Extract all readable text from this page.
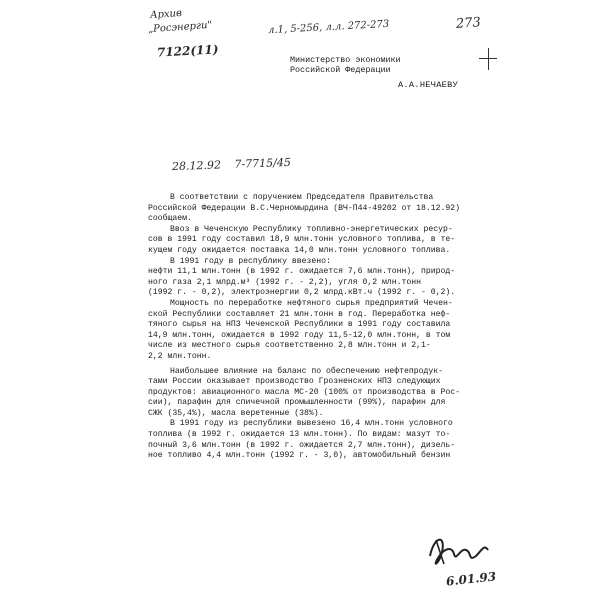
Архив
„Росэнерги"	л.1, 5-256, л.л. 272-273	273
7122(11)
28.12.92 7-7715/45
Министерство экономики
Российской Федерации
А.А.НЕЧАЕВУ
В соответствии с поручением Председателя Правительства
Российской Федерации В.С.Черномырдина (ВЧ-П44-49202 от 18.12.92)
сообщаем.
Ввоз в Чеченскую Республику топливно-энергетических ресур-
сов в 1991 году составил 18,9 млн.тонн условного топлива, в те-
кущем году ожидается поставка 14,0 млн.тонн условного топлива.
В 1991 году в республику ввезено:
нефти 11,1 млн.тонн (в 1992 г. ожидается 7,6 млн.тонн), природ-
ного газа 2,1 млрд.м³ (1992 г. - 2,2), угля 0,2 млн.тонн
(1992 г. - 0,2), электроэнергии 0,2 млрд.кВт.ч (1992 г. - 0,2).
Мощность по переработке нефтяного сырья предприятий Чечен-
ской Республики составляет 21 млн.тонн в год. Переработка неф-
тяного сырья на НПЗ Чеченской Республики в 1991 году составила
14,9 млн.тонн, ожидается в 1992 году 11,5-12,0 млн.тонн, в том
числе из местного сырья соответственно 2,8 млн.тонн и 2,1-
2,2 млн.тонн.
Наибольшее влияние на баланс по обеспечению нефтепродук-
тами России оказывает производство Грозненских НПЗ следующих
продуктов: авиационного масла МС-20 (100% от производства в Рос-
сии), парафин для спичечной промышленности (99%), парафин для
СЖК (35,4%), масла веретенные (38%).
В 1991 году из республики вывезено 16,4 млн.тонн условного
топлива (в 1992 г. ожидается 13 млн.тонн). По видам: мазут то-
почный 3,6 млн.тонн (в 1992 г. ожидается 2,7 млн.тонн), дизель-
ное топливо 4,4 млн.тонн (1992 г. - 3,0), автомобильный бензин
6.01.93
